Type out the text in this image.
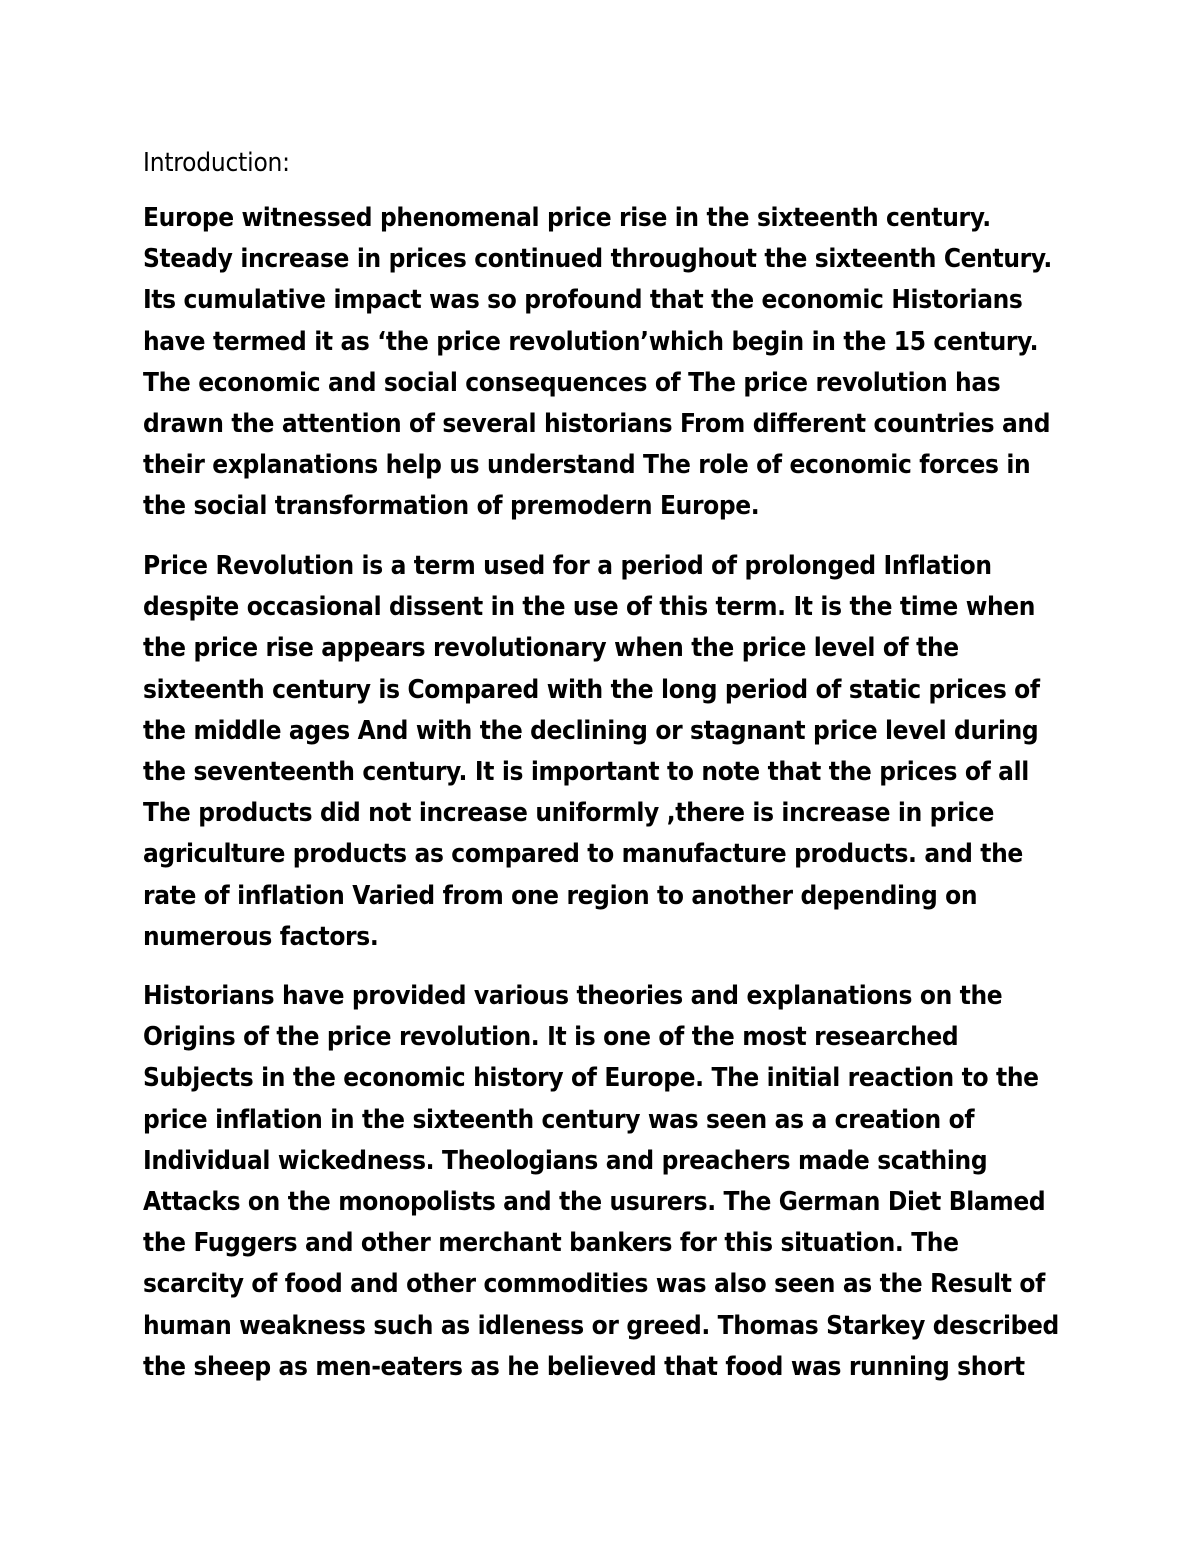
Introduction:
Europe witnessed phenomenal price rise in the sixteenth century.
Steady increase in prices continued throughout the sixteenth Century.
Its cumulative impact was so profound that the economic Historians
have termed it as ‘the price revolution’which begin in the 15 century.
The economic and social consequences of The price revolution has
drawn the attention of several historians From different countries and
their explanations help us understand The role of economic forces in
the social transformation of premodern Europe.
Price Revolution is a term used for a period of prolonged Inflation
despite occasional dissent in the use of this term. It is the time when
the price rise appears revolutionary when the price level of the
sixteenth century is Compared with the long period of static prices of
the middle ages And with the declining or stagnant price level during
the seventeenth century. It is important to note that the prices of all
The products did not increase uniformly ,there is increase in price
agriculture products as compared to manufacture products. and the
rate of inflation Varied from one region to another depending on
numerous factors.
Historians have provided various theories and explanations on the
Origins of the price revolution. It is one of the most researched
Subjects in the economic history of Europe. The initial reaction to the
price inflation in the sixteenth century was seen as a creation of
Individual wickedness. Theologians and preachers made scathing
Attacks on the monopolists and the usurers. The German Diet Blamed
the Fuggers and other merchant bankers for this situation. The
scarcity of food and other commodities was also seen as the Result of
human weakness such as idleness or greed. Thomas Starkey described
the sheep as men-eaters as he believed that food was running short
